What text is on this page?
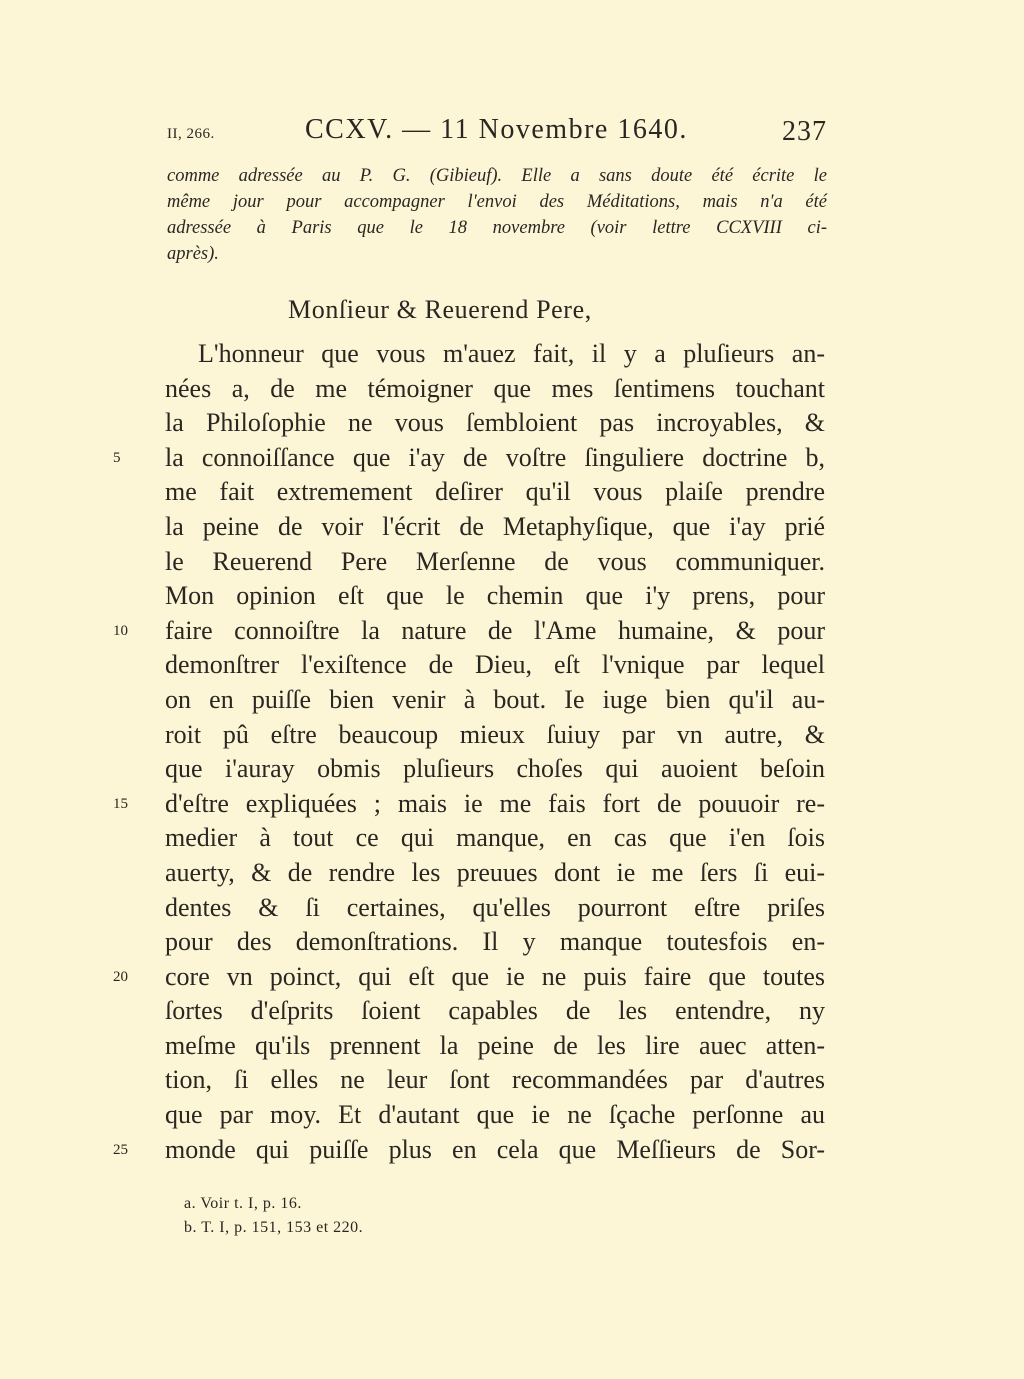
II, 266.	CCXV. — 11 Novembre 1640.	237
comme adressée au P. G. (Gibieuf). Elle a sans doute été écrite le
même jour pour accompagner l'envoi des Méditations, mais n'a été
adressée à Paris que le 18 novembre (voir lettre CCXVIII ci-
après).
Monſieur & Reuerend Pere,
L'honneur que vous m'auez fait, il y a pluſieurs an-
nées a, de me témoigner que mes ſentimens touchant
la Philoſophie ne vous ſembloient pas incroyables, &
5	la connoiſſance que i'ay de voſtre ſinguliere doctrine b,
me fait extremement deſirer qu'il vous plaiſe prendre
la peine de voir l'écrit de Metaphyſique, que i'ay prié
le Reuerend Pere Merſenne de vous communiquer.
Mon opinion eſt que le chemin que i'y prens, pour
10	faire connoiſtre la nature de l'Ame humaine, & pour
demonſtrer l'exiſtence de Dieu, eſt l'vnique par lequel
on en puiſſe bien venir à bout. Ie iuge bien qu'il au-
roit pû eſtre beaucoup mieux ſuiuy par vn autre, &
que i'auray obmis pluſieurs choſes qui auoient beſoin
15	d'eſtre expliquées ; mais ie me fais fort de pouuoir re-
medier à tout ce qui manque, en cas que i'en ſois
auerty, & de rendre les preuues dont ie me ſers ſi eui-
dentes & ſi certaines, qu'elles pourront eſtre priſes
pour des demonſtrations. Il y manque toutesfois en-
20	core vn poinct, qui eſt que ie ne puis faire que toutes
ſortes d'eſprits ſoient capables de les entendre, ny
meſme qu'ils prennent la peine de les lire auec atten-
tion, ſi elles ne leur ſont recommandées par d'autres
que par moy. Et d'autant que ie ne ſçache perſonne au
25	monde qui puiſſe plus en cela que Meſſieurs de Sor-
a. Voir t. I, p. 16.
b. T. I, p. 151, 153 et 220.
